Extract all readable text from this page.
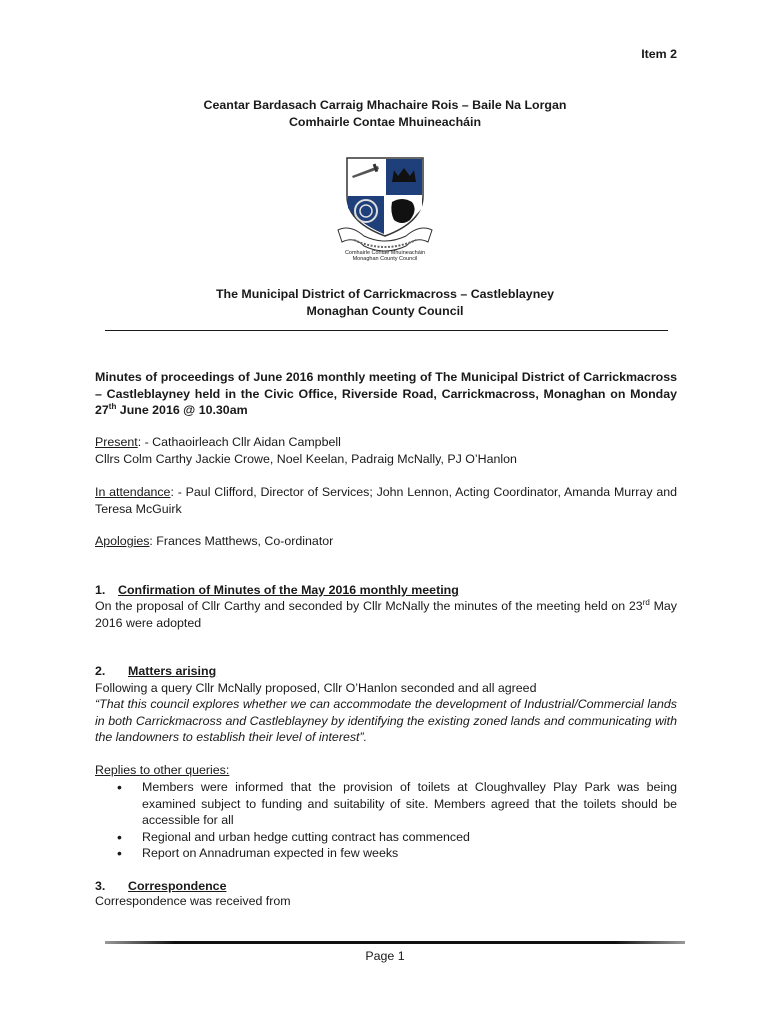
Item 2
Ceantar Bardasach Carraig Mhachaire Rois – Baile Na Lorgan
Comhairle Contae Mhuineacháin
Comhairle Contae Mhuineacháin
Monaghan County Council
The Municipal District of Carrickmacross – Castleblayney
Monaghan County Council
Minutes of proceedings of June 2016 monthly meeting of The Municipal District of Carrickmacross – Castleblayney held in the Civic Office, Riverside Road, Carrickmacross, Monaghan on Monday 27th June 2016 @ 10.30am
Present: - Cathaoirleach Cllr Aidan Campbell
Cllrs Colm Carthy Jackie Crowe, Noel Keelan, Padraig McNally, PJ O’Hanlon
In attendance: - Paul Clifford, Director of Services; John Lennon, Acting Coordinator, Amanda Murray and Teresa McGuirk
Apologies: Frances Matthews, Co-ordinator
1. Confirmation of Minutes of the May 2016 monthly meeting
On the proposal of Cllr Carthy and seconded by Cllr McNally the minutes of the meeting held on 23rd May 2016 were adopted
2. Matters arising
Following a query Cllr McNally proposed, Cllr O’Hanlon seconded and all agreed
“That this council explores whether we can accommodate the development of Industrial/Commercial lands in both Carrickmacross and Castleblayney by identifying the existing zoned lands and communicating with the landowners to establish their level of interest”.
Replies to other queries:
• Members were informed that the provision of toilets at Cloughvalley Play Park was being examined subject to funding and suitability of site. Members agreed that the toilets should be accessible for all
• Regional and urban hedge cutting contract has commenced
• Report on Annadruman expected in few weeks
3. Correspondence
Correspondence was received from
Page 1
